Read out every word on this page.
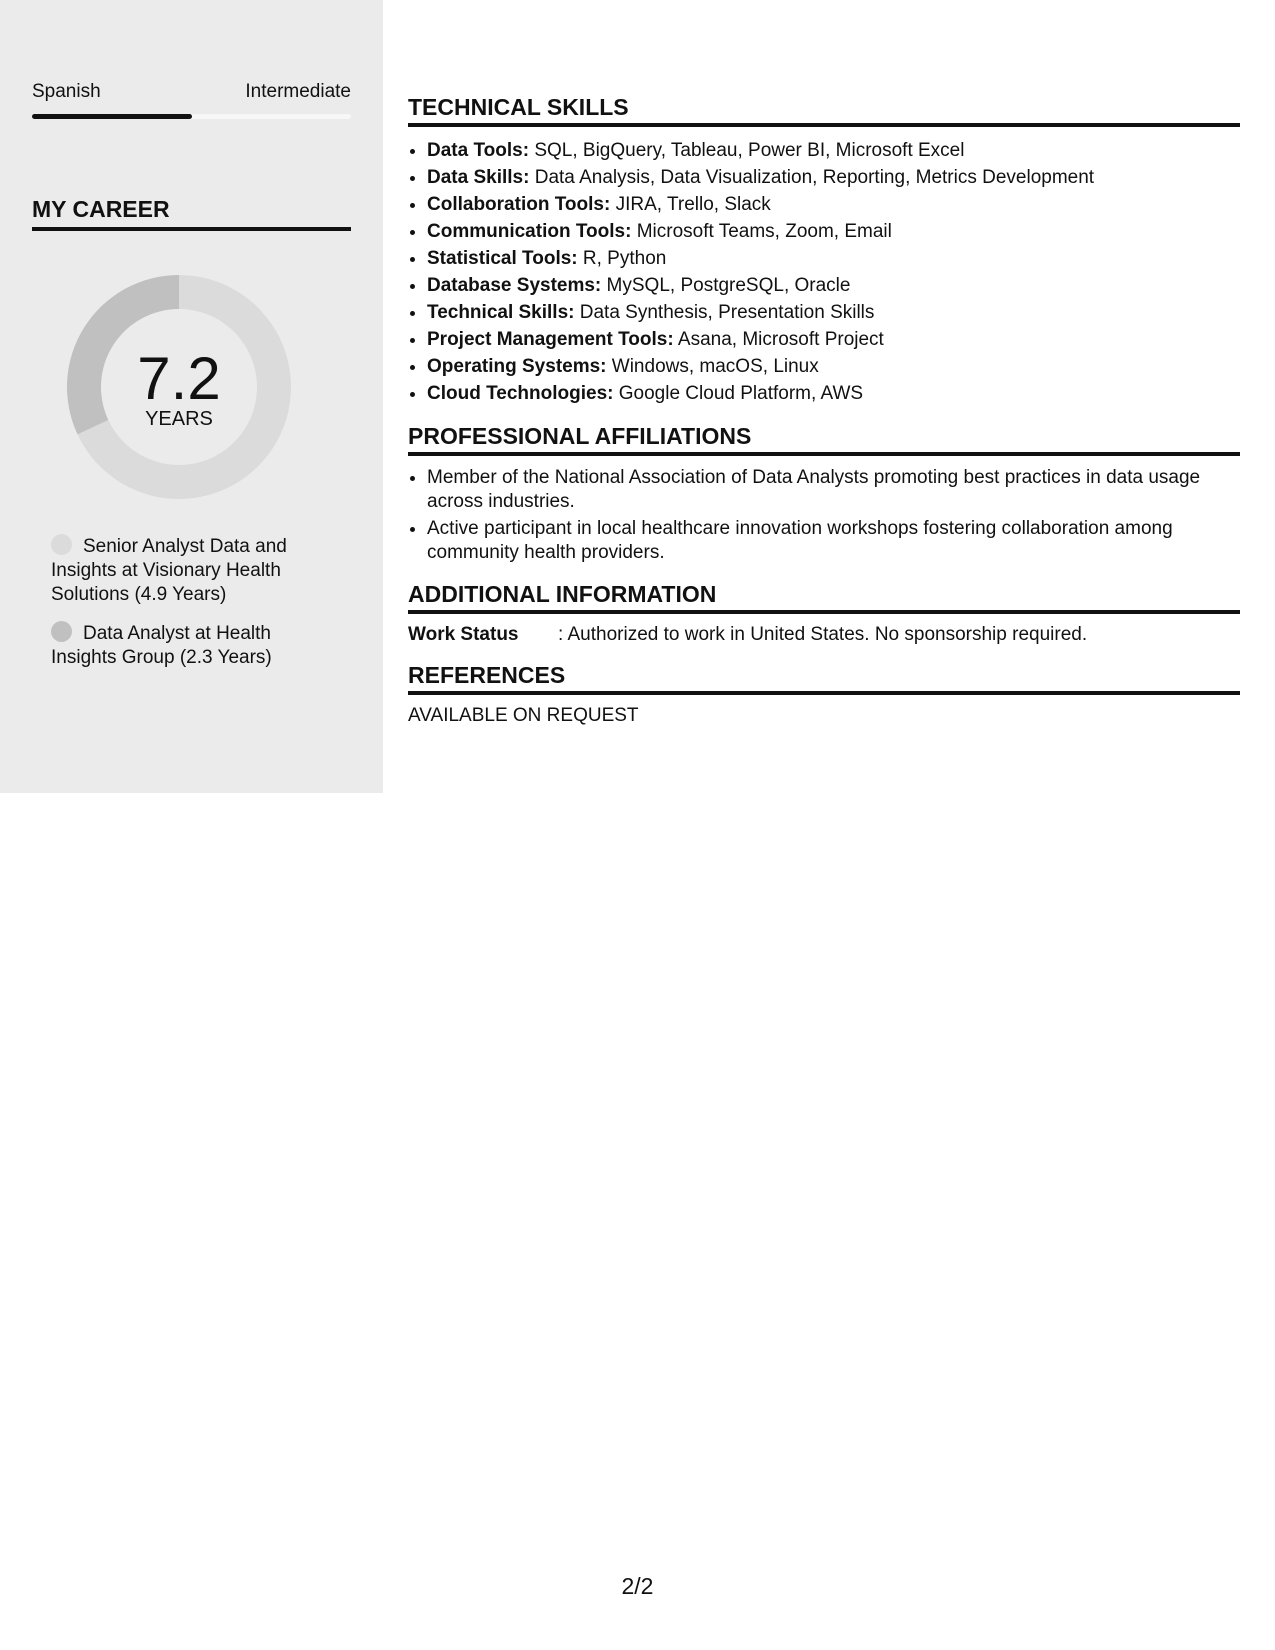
Spanish	Intermediate
MY CAREER
7.2
YEARS
Senior Analyst Data and Insights at Visionary Health Solutions (4.9 Years)
Data Analyst at Health Insights Group (2.3 Years)
TECHNICAL SKILLS
• Data Tools: SQL, BigQuery, Tableau, Power BI, Microsoft Excel
• Data Skills: Data Analysis, Data Visualization, Reporting, Metrics Development
• Collaboration Tools: JIRA, Trello, Slack
• Communication Tools: Microsoft Teams, Zoom, Email
• Statistical Tools: R, Python
• Database Systems: MySQL, PostgreSQL, Oracle
• Technical Skills: Data Synthesis, Presentation Skills
• Project Management Tools: Asana, Microsoft Project
• Operating Systems: Windows, macOS, Linux
• Cloud Technologies: Google Cloud Platform, AWS
PROFESSIONAL AFFILIATIONS
• Member of the National Association of Data Analysts promoting best practices in data usage across industries.
• Active participant in local healthcare innovation workshops fostering collaboration among community health providers.
ADDITIONAL INFORMATION
Work Status	: Authorized to work in United States. No sponsorship required.
REFERENCES

AVAILABLE ON REQUEST

2/2
